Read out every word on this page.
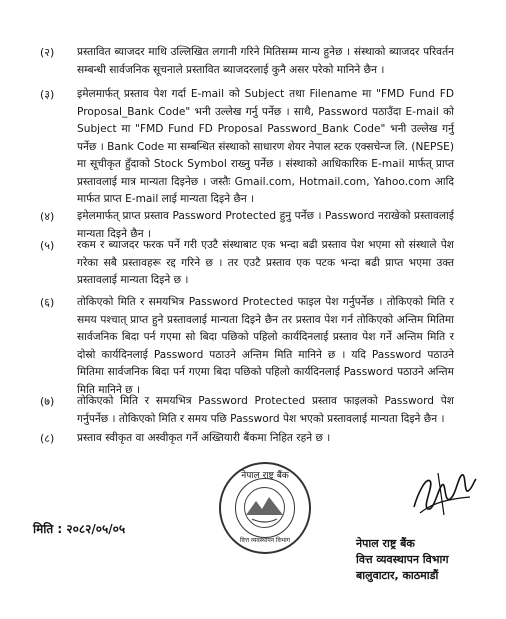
(२) प्रस्तावित ब्याजदर माथि उल्लिखित लगानी गरिने मितिसम्म मान्य हुनेछ । संस्थाको ब्याजदर परिवर्तन सम्बन्धी सार्वजनिक सूचनाले प्रस्तावित ब्याजदरलाई कुनै असर परेको मानिने छैन ।
(३) इमेलमार्फत् प्रस्ताव पेश गर्दा E-mail को Subject तथा Filename मा "FMD Fund FD Proposal_Bank Code" भनी उल्लेख गर्नु पर्नेछ । साथै, Password पठाउँदा E-mail को Subject मा "FMD Fund FD Proposal Password_Bank Code" भनी उल्लेख गर्नु पर्नेछ । Bank Code मा सम्बन्धित संस्थाको साधारण शेयर नेपाल स्टक एक्सचेन्ज लि. (NEPSE) मा सूचीकृत हुँदाको Stock Symbol राख्नु पर्नेछ । संस्थाको आधिकारिक E-mail मार्फत् प्राप्त प्रस्तावलाई मात्र मान्यता दिइनेछ । जस्तैः Gmail.com, Hotmail.com, Yahoo.com आदि मार्फत प्राप्त E-mail लाई मान्यता दिइने छैन ।
(४) इमेलमार्फत् प्राप्त प्रस्ताव Password Protected हुनु पर्नेछ । Password नराखेको प्रस्तावलाई मान्यता दिइने छैन ।
(५) रकम र ब्याजदर फरक पर्ने गरी एउटै संस्थाबाट एक भन्दा बढी प्रस्ताव पेश भएमा सो संस्थाले पेश गरेका सबै प्रस्तावहरू रद्द गरिने छ । तर एउटै प्रस्ताव एक पटक भन्दा बढी प्राप्त भएमा उक्त प्रस्तावलाई मान्यता दिइने छ ।
(६) तोकिएको मिति र समयभित्र Password Protected फाइल पेश गर्नुपर्नेछ । तोकिएको मिति र समय पश्चात् प्राप्त हुने प्रस्तावलाई मान्यता दिइने छैन तर प्रस्ताव पेश गर्न तोकिएको अन्तिम मितिमा सार्वजनिक बिदा पर्न गएमा सो बिदा पछिको पहिलो कार्यदिनलाई प्रस्ताव पेश गर्ने अन्तिम मिति र दोस्रो कार्यदिनलाई Password पठाउने अन्तिम मिति मानिने छ । यदि Password पठाउने मितिमा सार्वजनिक बिदा पर्न गएमा बिदा पछिको पहिलो कार्यदिनलाई Password पठाउने अन्तिम मिति मानिने छ ।
(७) तोकिएको मिति र समयभित्र Password Protected प्रस्ताव फाइलको Password पेश गर्नुपर्नेछ । तोकिएको मिति र समय पछि Password पेश भएको प्रस्तावलाई मान्यता दिइने छैन ।
(८) प्रस्ताव स्वीकृत वा अस्वीकृत गर्ने अख्तियारी बैंकमा निहित रहने छ ।
मिति : २०८२/०५/०५
नेपाल राष्ट्र बैंक
वित्त व्यवस्थापन विभाग	नेपाल राष्ट्र बैंक
वित्त व्यवस्थापन विभाग
बालुवाटार, काठमाडौं
